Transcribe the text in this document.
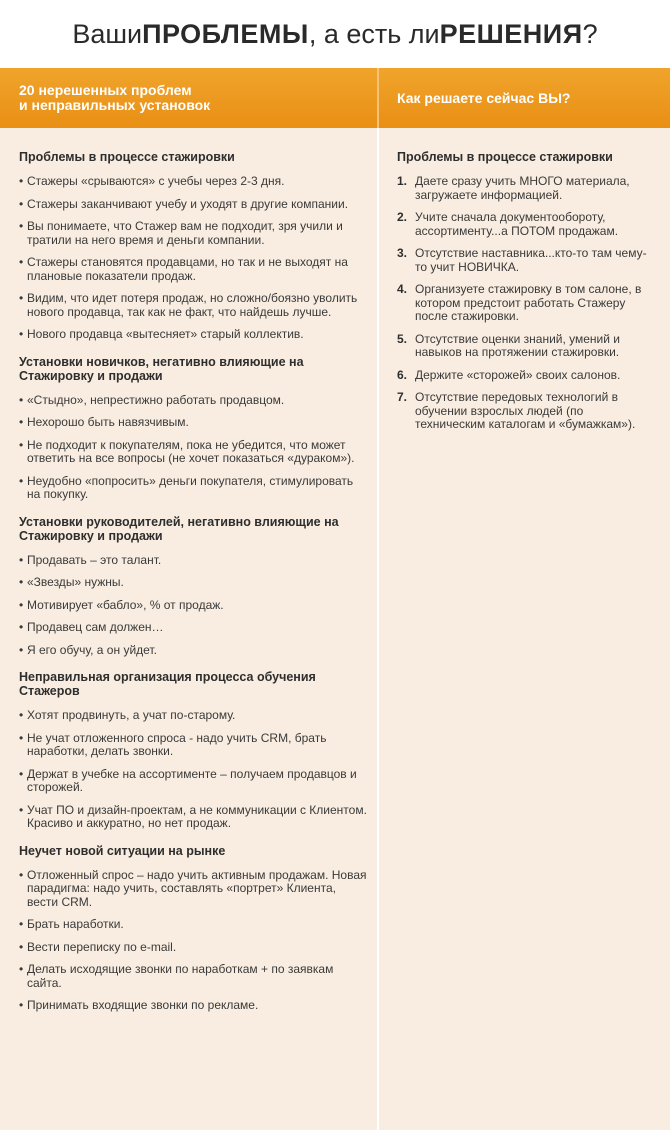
Ваши ПРОБЛЕМЫ , а есть ли РЕШЕНИЯ ?
20 нерешенных проблем
и неправильных установок	Как решаете сейчас ВЫ?
Проблемы в процессе стажировки
• Стажеры «срываются» с учебы через 2-3 дня.
• Стажеры заканчивают учебу и уходят в другие компании.
• Вы понимаете, что Стажер вам не подходит, зря учили и тратили на него время и деньги компании.
• Стажеры становятся продавцами, но так и не выходят на плановые показатели продаж.
• Видим, что идет потеря продаж, но сложно/боязно уволить нового продавца, так как не факт, что найдешь лучше.
• Нового продавца «вытесняет» старый коллектив.
Установки новичков, негативно влияющие на Стажировку и продажи
• «Стыдно», непрестижно работать продавцом.
• Нехорошо быть навязчивым.
• Не подходит к покупателям, пока не убедится, что может ответить на все вопросы (не хочет показаться «дураком»).
• Неудобно «попросить» деньги покупателя, стимулировать на покупку.
Установки руководителей, негативно влияющие на Стажировку и продажи
• Продавать – это талант.
• «Звезды» нужны.
• Мотивирует «бабло», % от продаж.
• Продавец сам должен…
• Я его обучу, а он уйдет.
Неправильная организация процесса обучения Стажеров
• Хотят продвинуть, а учат по-старому.
• Не учат отложенного спроса - надо учить CRM, брать наработки, делать звонки.
• Держат в учебке на ассортименте – получаем продавцов и сторожей.
• Учат ПО и дизайн-проектам, а не коммуникации с Клиентом. Красиво и аккуратно, но нет продаж.
Неучет новой ситуации на рынке
• Отложенный спрос – надо учить активным продажам. Новая парадигма: надо учить, составлять «портрет» Клиента, вести CRM.
• Брать наработки.
• Вести переписку по e-mail.
• Делать исходящие звонки по наработкам + по заявкам сайта.
• Принимать входящие звонки по рекламе.
Проблемы в процессе стажировки
1. Даете сразу учить МНОГО материала, загружаете информацией.
2. Учите сначала документообороту, ассортименту...а ПОТОМ продажам.
3. Отсутствие наставника...кто-то там чему-то учит НОВИЧКА.
4. Организуете стажировку в том салоне, в котором предстоит работать Стажеру после стажировки.
5. Отсутствие оценки знаний, умений и навыков на протяжении стажировки.
6. Держите «сторожей» своих салонов.
7. Отсутствие передовых технологий в обучении взрослых людей (по техническим каталогам и «бумажкам»).
